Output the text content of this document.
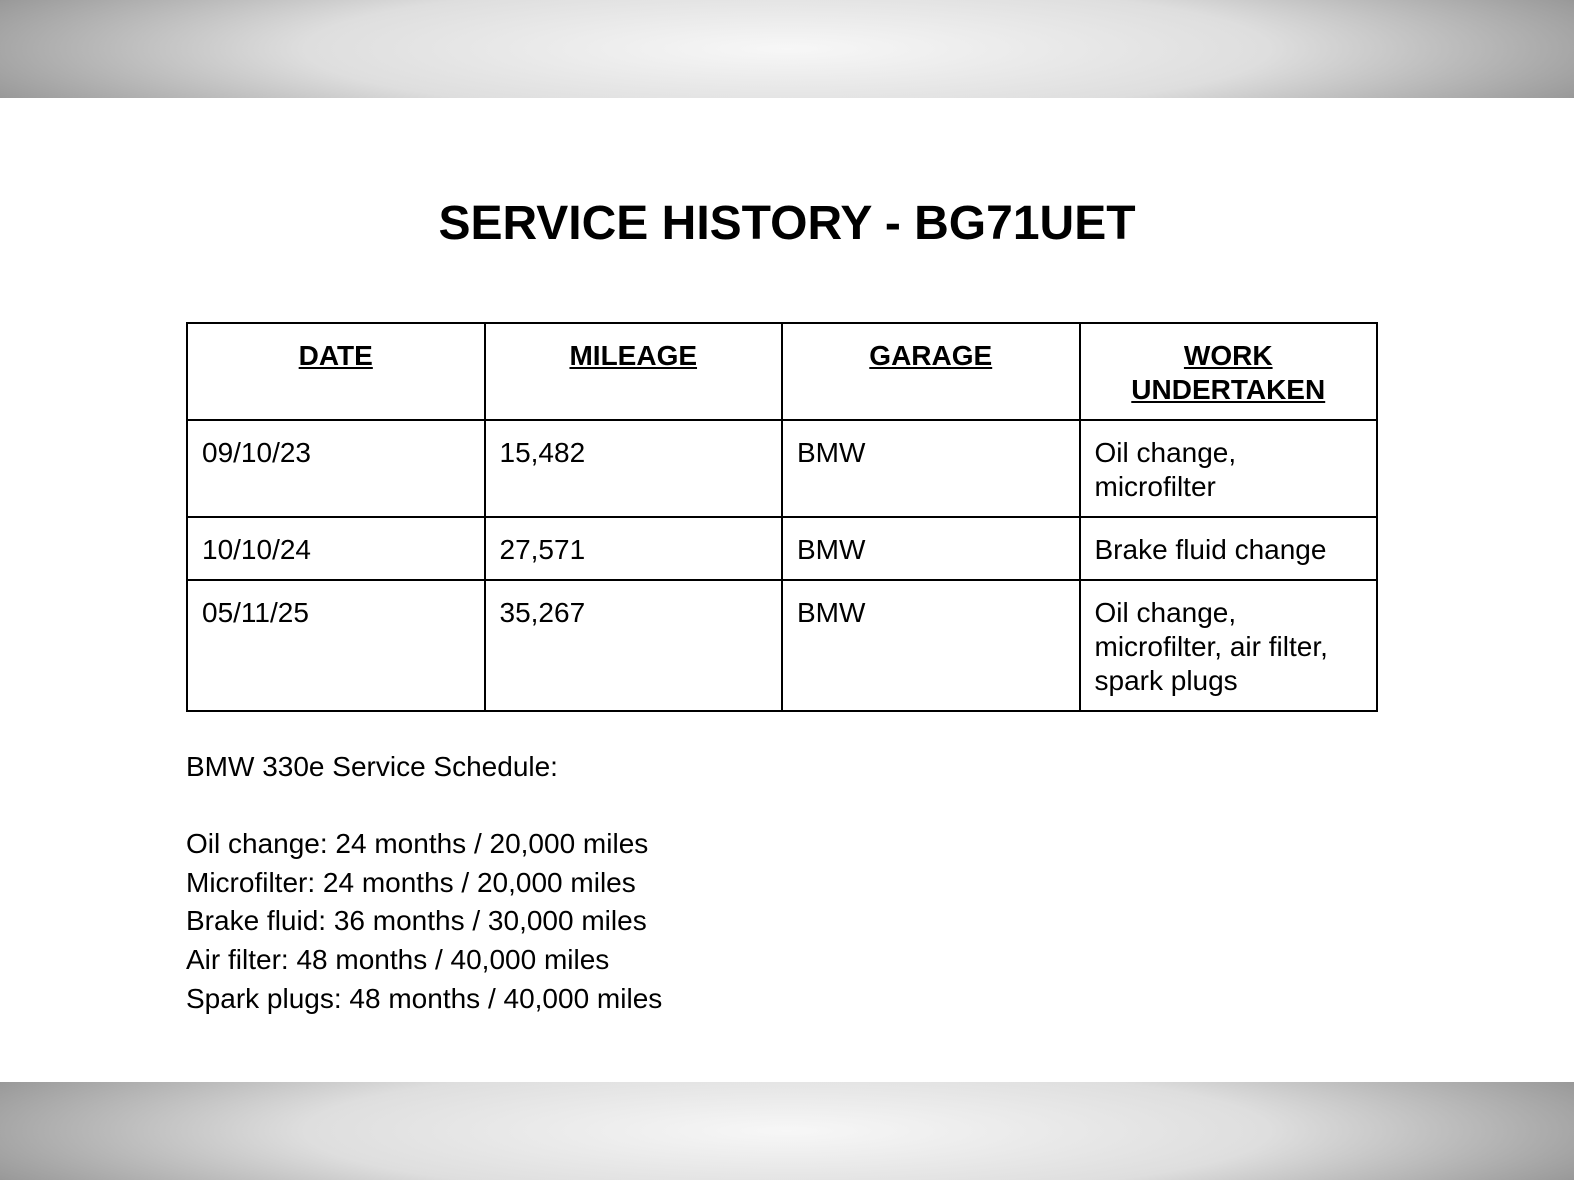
SERVICE HISTORY - BG71UET
DATE	MILEAGE	GARAGE	WORK UNDERTAKEN
09/10/23	15,482	BMW	Oil change, microfilter
10/10/24	27,571	BMW	Brake fluid change
05/11/25	35,267	BMW	Oil change, microfilter, air filter, spark plugs

BMW 330e Service Schedule:

Oil change: 24 months / 20,000 miles

Microfilter: 24 months / 20,000 miles

Brake fluid: 36 months / 30,000 miles

Air filter: 48 months / 40,000 miles

Spark plugs: 48 months / 40,000 miles
